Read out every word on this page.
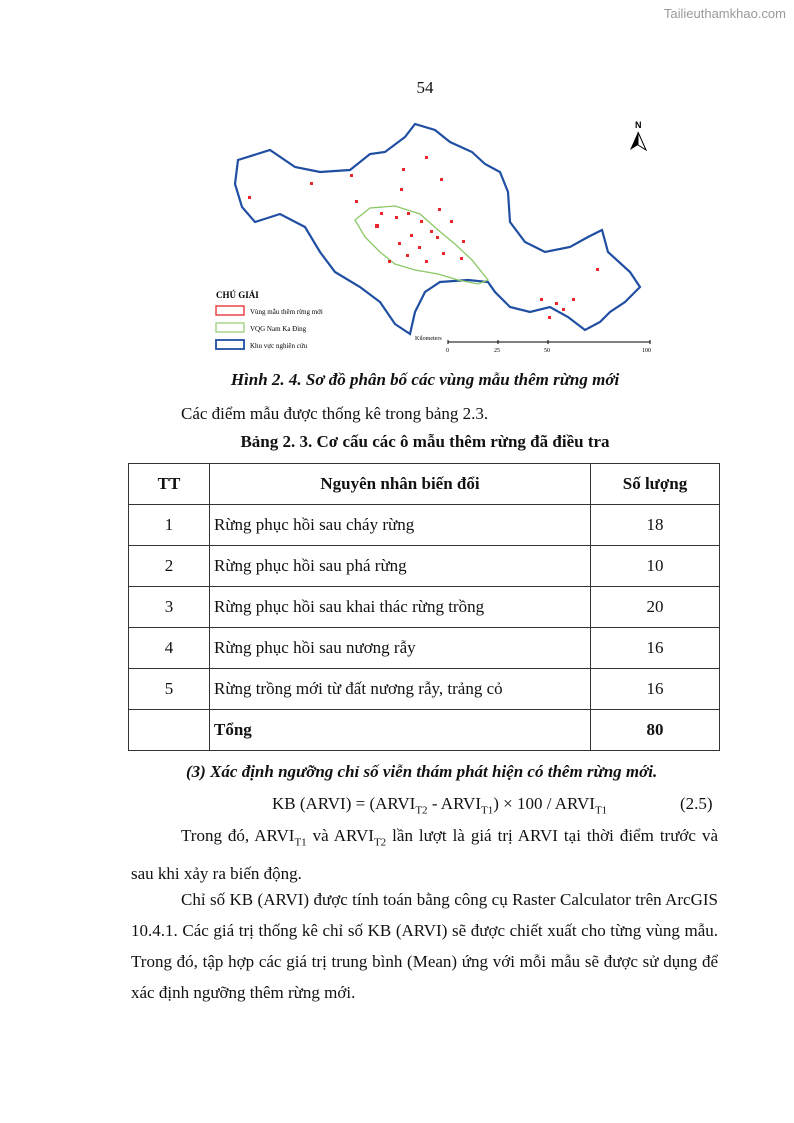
Tailieuthamkhao.com
54
N
CHÚ GIẢI
Vùng mẫu thêm rừng mới
VQG Nam Ka Đing
Khu vực nghiên cứu
Kilometers
0	25	50	100
Hình 2. 4. Sơ đồ phân bố các vùng mẫu thêm rừng mới
Các điểm mẫu được thống kê trong bảng 2.3.
Bảng 2. 3. Cơ cấu các ô mẫu thêm rừng đã điều tra
TT	Nguyên nhân biến đổi	Số lượng
1	Rừng phục hồi sau cháy rừng	18
2	Rừng phục hồi sau phá rừng	10
3	Rừng phục hồi sau khai thác rừng trồng	20
4	Rừng phục hồi sau nương rẫy	16
5	Rừng trồng mới từ đất nương rẫy, trảng cỏ	16
	Tổng	80
(3) Xác định ngưỡng chỉ số viễn thám phát hiện có thêm rừng mới.
KB (ARVI) = ($ARVI_{T2}$ - $ARVI_{T1}) \times 100$ / $ARVI_{T1}$	(2.5)
Trong đó, $ARVI_{T1}$ và $ARVI_{T2}$ lần lượt là giá trị ARVI tại thời điểm trước và sau khi xảy ra biến động.
Chỉ số KB (ARVI) được tính toán bằng công cụ Raster Calculator trên ArcGIS 10.4.1. Các giá trị thống kê chỉ số KB (ARVI) sẽ được chiết xuất cho từng vùng mẫu. Trong đó, tập hợp các giá trị trung bình (Mean) ứng với mỗi mẫu sẽ được sử dụng để xác định ngưỡng thêm rừng mới.
